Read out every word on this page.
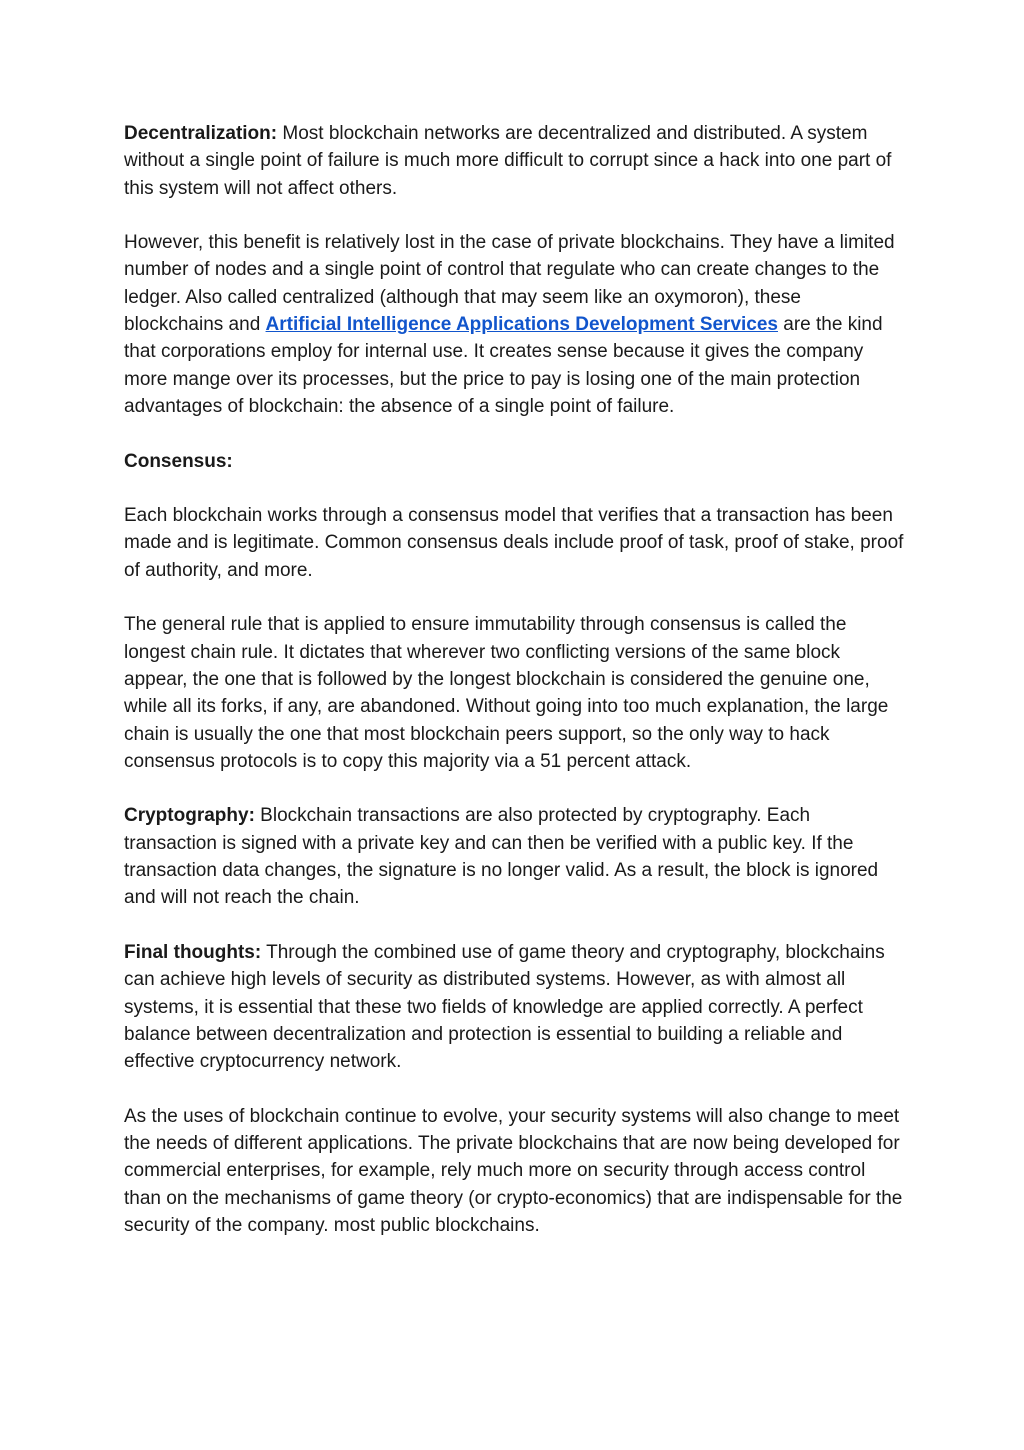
Decentralization: Most blockchain networks are decentralized and distributed. A system without a single point of failure is much more difficult to corrupt since a hack into one part of this system will not affect others.

However, this benefit is relatively lost in the case of private blockchains. They have a limited number of nodes and a single point of control that regulate who can create changes to the ledger. Also called centralized (although that may seem like an oxymoron), these blockchains and Artificial Intelligence Applications Development Services are the kind that corporations employ for internal use. It creates sense because it gives the company more mange over its processes, but the price to pay is losing one of the main protection advantages of blockchain: the absence of a single point of failure.

Consensus:

Each blockchain works through a consensus model that verifies that a transaction has been made and is legitimate. Common consensus deals include proof of task, proof of stake, proof of authority, and more.

The general rule that is applied to ensure immutability through consensus is called the longest chain rule. It dictates that wherever two conflicting versions of the same block appear, the one that is followed by the longest blockchain is considered the genuine one, while all its forks, if any, are abandoned. Without going into too much explanation, the large chain is usually the one that most blockchain peers support, so the only way to hack consensus protocols is to copy this majority via a 51 percent attack.

Cryptography: Blockchain transactions are also protected by cryptography. Each transaction is signed with a private key and can then be verified with a public key. If the transaction data changes, the signature is no longer valid. As a result, the block is ignored and will not reach the chain.

Final thoughts: Through the combined use of game theory and cryptography, blockchains can achieve high levels of security as distributed systems. However, as with almost all systems, it is essential that these two fields of knowledge are applied correctly. A perfect balance between decentralization and protection is essential to building a reliable and effective cryptocurrency network.

As the uses of blockchain continue to evolve, your security systems will also change to meet the needs of different applications. The private blockchains that are now being developed for commercial enterprises, for example, rely much more on security through access control than on the mechanisms of game theory (or crypto-economics) that are indispensable for the security of the company. most public blockchains.
